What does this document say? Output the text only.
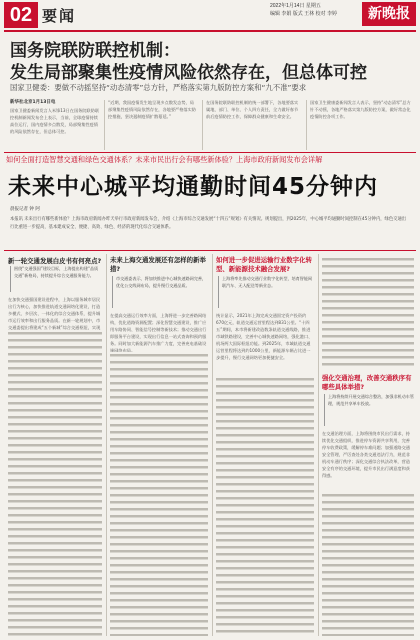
02 要闻
2022年1月14日 星期五
编辑 李娟 版式 王林 校对 李婷	新晚报
国务院联防联控机制：
发生局部聚集性疫情风险依然存在，但总体可控
国家卫健委：要做不动摇坚持“动态清零”总方针，严格落实第九版防控方案和“九不准”要求
新华社北京1月13日电
国家卫健委新闻发言人米锋13日在国务院联防联控机制新闻发布会上表示，当前，全球疫情持续高位运行，国内疫情多点散发，局部聚集性疫情的风险依然存在，但总体可控。
“近期，我国疫情发生地呈现多点散发态势，局部聚集性疫情风险依然存在，各地要严格落实防控措施，坚决遏制疫情扩散蔓延。”
在国务院联防联控机制的统一部署下，各地要落实属地、部门、单位、个人四方责任，全力做好春节前后疫情防控工作，保障群众健康和生命安全。
国家卫生健康委新闻发言人表示，坚持“动态清零”总方针不动摇，各地严格落实第九版防控方案，做好常态化疫情防控各项工作。
如何全面打造智慧交通和绿色交通体系？未来市民出行会有哪些新体验？上海市政府新闻发布会详解
未来中心城平均通勤时间45分钟内
晨报记者 钟 阿
本报讯 未来出行有哪些新体验？上海市政府新闻办昨天举行市政府新闻发布会，介绍《上海市综合交通发展“十四五”规划》有关情况。规划提出，到2025年，中心城平均通勤时间控制在45分钟内，绿色交通出行比重进一步提高，基本建成安全、便捷、高效、绿色、经济的现代化综合交通体系。
新一轮交通发展白皮书有何亮点?
围绕“交通强国”建设目标，上海提出构建“品质交通”新格局，持续提升综合交通服务能力。
在加快交通强国建设进程中，上海以服务城市居民出行为核心，加快推进轨道交通网络化建设，打造多模式、多层次、一体化的综合交通体系，提升城市运行效率和出行服务品质。在新一轮规划中，市交通委提出将建成“五个新城”综合交通枢纽，实现
未来上海交通发展还有怎样的新举措?
市交通委表示，将加快推进中心城快速路网完善，优化公交线网布局，提升慢行交通品质。
在提高交通运行效率方面，上海将进一步完善路网结构，优化道路资源配置；深化智慧交通建设，推广应用车路协同、智能信号控制等新技术；推动交通出行即服务平台建设，实现出行信息一站式查询和预约服务。同时加大新能源汽车推广力度，完善充电基础设施网络布局。
如何进一步促进运输行业数字化转型、新能源技术融合发展?
上海将率先推动交通行业数字化转型，培育智能网联汽车、无人配送等新业态。
统计显示，2021年上海完成交通固定资产投资约670亿元，轨道交通运营里程达到831公里。“十四五”期间，本市将新建改造数条轨道交通线路，推进市域铁路建设，完善中心城快速路网络，强化港口、机场两大国际枢纽功能。到2025年，市域轨道交通运营里程将达到约1000公里，新能源车辆占比进一步提升，慢行交通网络更加便捷安全。
强化交通治理，改善交通秩序有哪些具体举措?
上海将持续开展交通综合整治，加强非机动车管理，规范共享单车投放。
在交通治理方面，上海将围绕市民出行需求，持续优化交通组织，推进停车资源共享利用，完善停车收费政策，缓解停车难问题；加强道路交通安全管理，严厉查处各类交通违法行为，规范非机动车通行秩序；深化交通综合执法改革，营造安全有序的交通环境，提升市民出行满意度和获得感。
